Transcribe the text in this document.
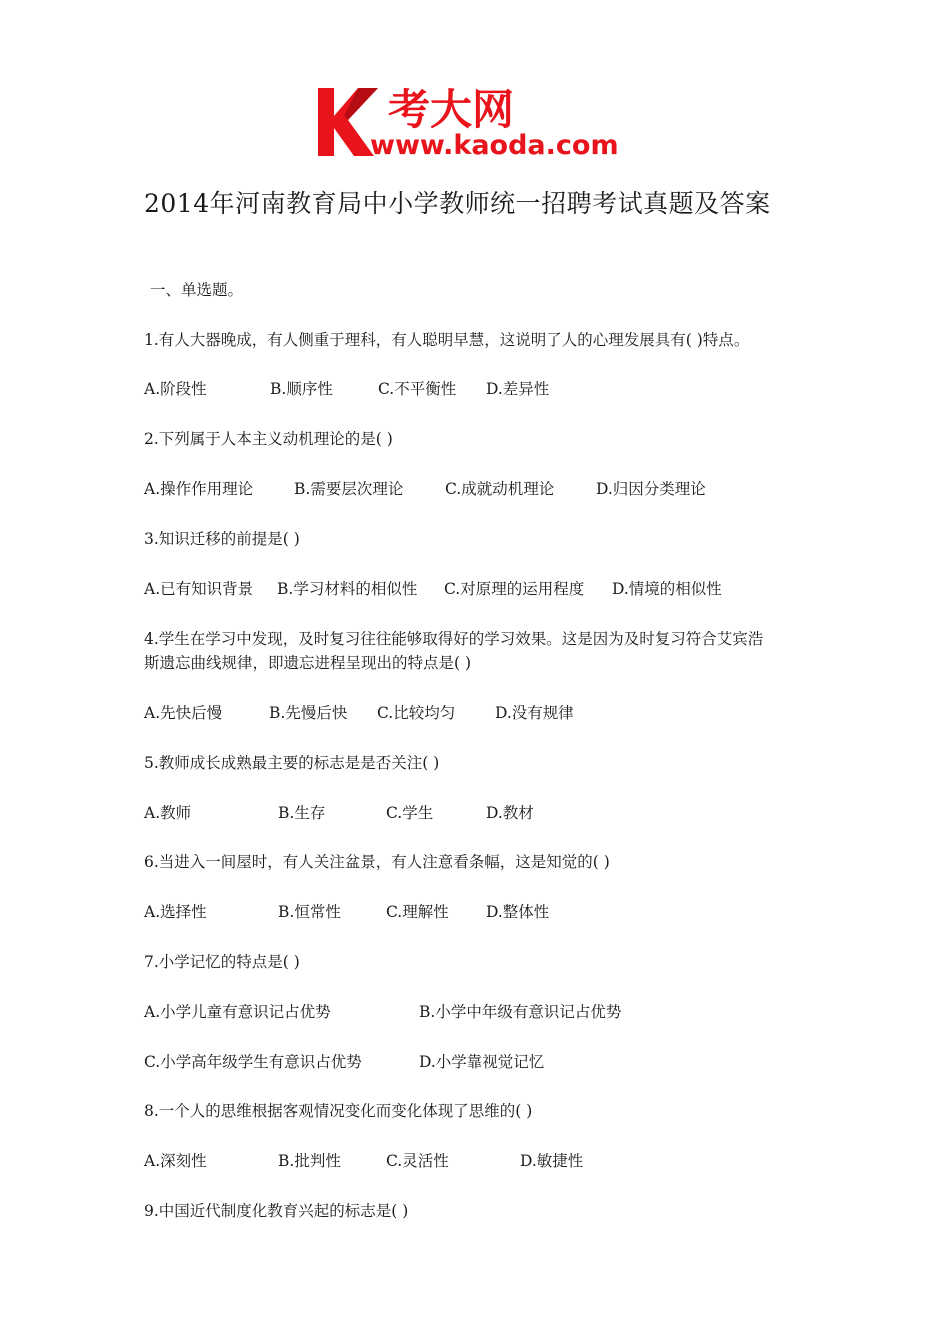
考大网
www.kaoda.com
2014年河南教育局中小学教师统一招聘考试真题及答案
一、单选题。
1.有人大器晚成，有人侧重于理科，有人聪明早慧，这说明了人的心理发展具有( )特点。
A.阶段性	B.顺序性	C.不平衡性 D.差异性
2.下列属于人本主义动机理论的是( )
A.操作作用理论	B.需要层次理论	C.成就动机理论	D.归因分类理论
3.知识迁移的前提是( )
A.已有知识背景 B.学习材料的相似性 C.对原理的运用程度 D.情境的相似性
4.学生在学习中发现，及时复习往往能够取得好的学习效果。这是因为及时复习符合艾宾浩
斯遗忘曲线规律，即遗忘进程呈现出的特点是( )
A.先快后慢	B.先慢后快 C.比较均匀	D.没有规律
5.教师成长成熟最主要的标志是是否关注( )
A.教师	B.生存	C.学生	D.教材
6.当进入一间屋时，有人关注盆景，有人注意看条幅，这是知觉的( )
A.选择性	B.恒常性	C.理解性 D.整体性
7.小学记忆的特点是( )
A.小学儿童有意识记占优势	B.小学中年级有意识记占优势
C.小学高年级学生有意识占优势	D.小学靠视觉记忆
8.一个人的思维根据客观情况变化而变化体现了思维的( )
A.深刻性	B.批判性	C.灵活性	D.敏捷性
9.中国近代制度化教育兴起的标志是( )
